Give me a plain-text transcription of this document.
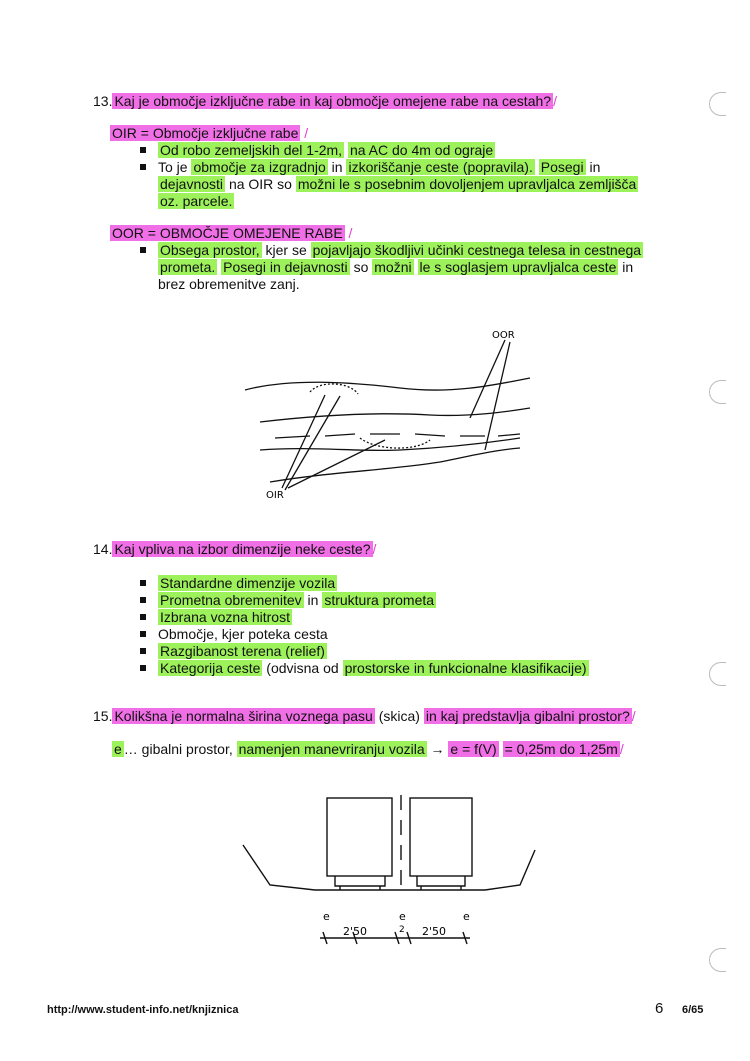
13. Kaj je območje izključne rabe in kaj območje omejene rabe na cestah? /
OIR = Območje izključne rabe /
Od robo zemeljskih del 1-2m, na AC do 4m od ograje
To je območje za izgradnjo in izkoriščanje ceste (popravila). Posegi in
dejavnosti na OIR so možni le s posebnim dovoljenjem upravljalca zemljišča
oz. parcele.
OOR = OBMOČJE OMEJENE RABE /
Obsega prostor, kjer se pojavljajo škodljivi učinki cestnega telesa in cestnega
prometa. Posegi in dejavnosti so možni le s soglasjem upravljalca ceste in
brez obremenitve zanj.
OOR
OIR
14. Kaj vpliva na izbor dimenzije neke ceste? /
Standardne dimenzije vozila
Prometna obremenitev in struktura prometa
Izbrana vozna hitrost
Območje, kjer poteka cesta
Razgibanost terena (relief)
Kategorija ceste (odvisna od prostorske in funkcionalne klasifikacije)
15. Kolikšna je normalna širina voznega pasu (skica) in kaj predstavlja gibalni prostor? /
e … gibalni prostor, namenjen manevriranju vozila → e = f(V) = 0,25m do 1,25m /
e	e	e
2
2'50	2'50
http://www.student-info.net/knjiznica	6 6/65
